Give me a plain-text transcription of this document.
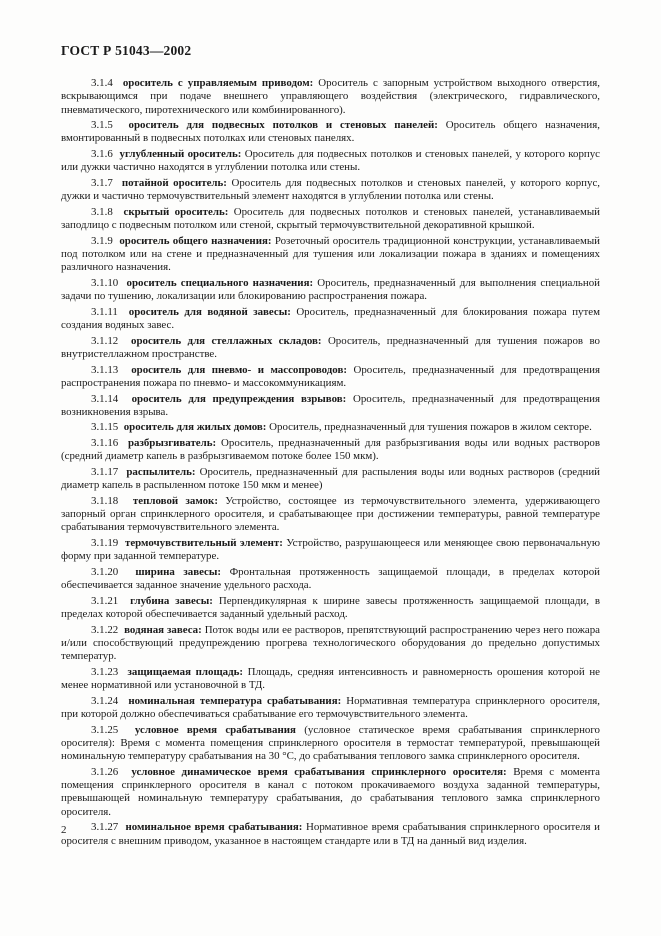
ГОСТ Р 51043—2002

3.1.4 ороситель с управляемым приводом: Ороситель с запорным устройством выходного отверстия, вскрывающимся при подаче внешнего управляющего воздействия (электрического, гидравлического, пневматического, пиротехнического или комбинированного).

3.1.5 ороситель для подвесных потолков и стеновых панелей: Ороситель общего назначения, вмонтированный в подвесных потолках или стеновых панелях.

3.1.6 углубленный ороситель: Ороситель для подвесных потолков и стеновых панелей, у которого корпус или дужки частично находятся в углублении потолка или стены.

3.1.7 потайной ороситель: Ороситель для подвесных потолков и стеновых панелей, у которого корпус, дужки и частично термочувствительный элемент находятся в углублении потолка или стены.

3.1.8 скрытый ороситель: Ороситель для подвесных потолков и стеновых панелей, устанавливаемый заподлицо с подвесным потолком или стеной, скрытый термочувствительной декоративной крышкой.

3.1.9 ороситель общего назначения: Розеточный ороситель традиционной конструкции, устанавливаемый под потолком или на стене и предназначенный для тушения или локализации пожара в зданиях и помещениях различного назначения.

3.1.10 ороситель специального назначения: Ороситель, предназначенный для выполнения специальной задачи по тушению, локализации или блокированию распространения пожара.

3.1.11 ороситель для водяной завесы: Ороситель, предназначенный для блокирования пожара путем создания водяных завес.

3.1.12 ороситель для стеллажных складов: Ороситель, предназначенный для тушения пожаров во внутристеллажном пространстве.

3.1.13 ороситель для пневмо- и массопроводов: Ороситель, предназначенный для предотвращения распространения пожара по пневмо- и массокоммуникациям.

3.1.14 ороситель для предупреждения взрывов: Ороситель, предназначенный для предотвращения возникновения взрыва.

3.1.15 ороситель для жилых домов: Ороситель, предназначенный для тушения пожаров в жилом секторе.

3.1.16 разбрызгиватель: Ороситель, предназначенный для разбрызгивания воды или водных растворов (средний диаметр капель в разбрызгиваемом потоке более 150 мкм).

3.1.17 распылитель: Ороситель, предназначенный для распыления воды или водных растворов (средний диаметр капель в распыленном потоке 150 мкм и менее)

3.1.18 тепловой замок: Устройство, состоящее из термочувствительного элемента, удерживающего запорный орган спринклерного оросителя, и срабатывающее при достижении температуры, равной температуре срабатывания термочувствительного элемента.

3.1.19 термочувствительный элемент: Устройство, разрушающееся или меняющее свою первоначальную форму при заданной температуре.

3.1.20 ширина завесы: Фронтальная протяженность защищаемой площади, в пределах которой обеспечивается заданное значение удельного расхода.

3.1.21 глубина завесы: Перпендикулярная к ширине завесы протяженность защищаемой площади, в пределах которой обеспечивается заданный удельный расход.

3.1.22 водяная завеса: Поток воды или ее растворов, препятствующий распространению через него пожара и/или способствующий предупреждению прогрева технологического оборудования до предельно допустимых температур.

3.1.23 защищаемая площадь: Площадь, средняя интенсивность и равномерность орошения которой не менее нормативной или установочной в ТД.

3.1.24 номинальная температура срабатывания: Нормативная температура спринклерного оросителя, при которой должно обеспечиваться срабатывание его термочувствительного элемента.

3.1.25 условное время срабатывания (условное статическое время срабатывания спринклерного оросителя): Время с момента помещения спринклерного оросителя в термостат температурой, превышающей номинальную температуру срабатывания на 30 °С, до срабатывания теплового замка спринклерного оросителя.

3.1.26 условное динамическое время срабатывания спринклерного оросителя: Время с момента помещения спринклерного оросителя в канал с потоком прокачиваемого воздуха заданной температуры, превышающей номинальную температуру срабатывания, до срабатывания теплового замка спринклерного оросителя.

3.1.27 номинальное время срабатывания: Нормативное время срабатывания спринклерного оросителя и оросителя с внешним приводом, указанное в настоящем стандарте или в ТД на данный вид изделия.

2
